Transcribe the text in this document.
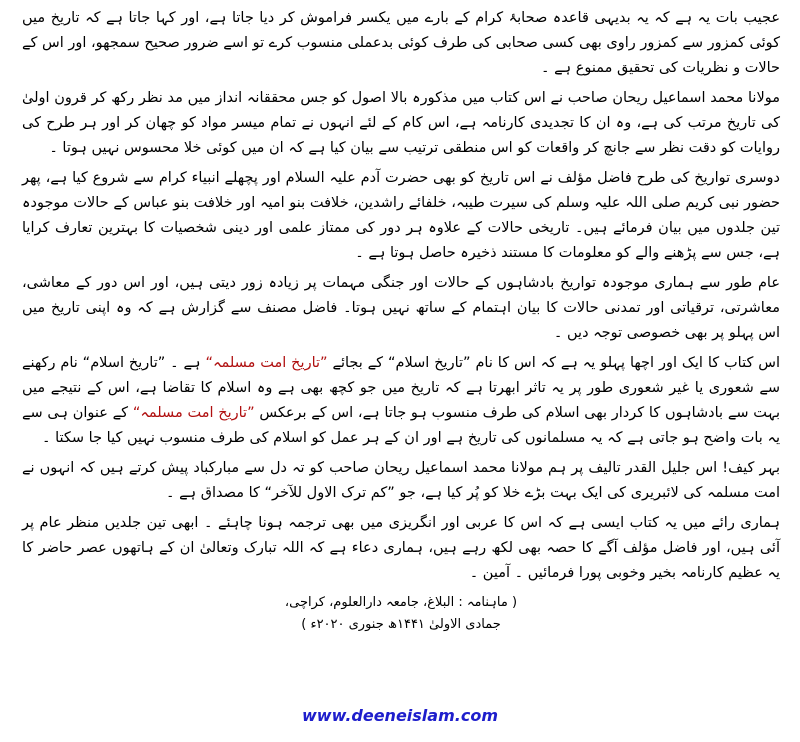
عجیب بات یہ ہے کہ یہ بدیہی قاعدہ صحابۂ کرام کے بارے میں یکسر فراموش کر دیا جاتا ہے، اور کہا جاتا ہے کہ تاریخ میں کوئی کمزور سے کمزور راوی بھی کسی صحابی کی طرف کوئی بدعملی منسوب کرے تو اسے ضرور صحیح سمجھو، اور اس کے حالات و نظریات کی تحقیق ممنوع ہے ۔

مولانا محمد اسماعیل ریحان صاحب نے اس کتاب میں مذکورہ بالا اصول کو جس محققانہ انداز میں مد نظر رکھ کر قرون اولیٰ کی تاریخ مرتب کی ہے، وہ ان کا تجدیدی کارنامہ ہے، اس کام کے لئے انہوں نے تمام میسر مواد کو چھان کر اور ہر طرح کی روایات کو دقت نظر سے جانچ کر واقعات کو اس منطقی ترتیب سے بیان کیا ہے کہ ان میں کوئی خلا محسوس نہیں ہوتا ۔

دوسری تواریخ کی طرح فاضل مؤلف نے اس تاریخ کو بھی حضرت آدم علیہ السلام اور پچھلے انبیاء کرام سے شروع کیا ہے، پھر حضور نبی کریم صلی اللہ علیہ وسلم کی سیرت طیبہ، خلفائے راشدین، خلافت بنو امیہ اور خلافت بنو عباس کے حالات موجودہ تین جلدوں میں بیان فرمائے ہیں۔ تاریخی حالات کے علاوہ ہر دور کی ممتاز علمی اور دینی شخصیات کا بہترین تعارف کرایا ہے، جس سے پڑھنے والے کو معلومات کا مستند ذخیرہ حاصل ہوتا ہے ۔

عام طور سے ہماری موجودہ تواریخ بادشاہوں کے حالات اور جنگی مہمات پر زیادہ زور دیتی ہیں، اور اس دور کے معاشی، معاشرتی، ترقیاتی اور تمدنی حالات کا بیان اہتمام کے ساتھ نہیں ہوتا۔ فاضل مصنف سے گزارش ہے کہ وہ اپنی تاریخ میں اس پہلو پر بھی خصوصی توجہ دیں ۔

اس کتاب کا ایک اور اچھا پہلو یہ ہے کہ اس کا نام ”تاریخ اسلام“ کے بجائے ”تاریخ امت مسلمہ“ ہے ۔ ”تاریخ اسلام“ نام رکھنے سے شعوری یا غیر شعوری طور پر یہ تاثر ابھرتا ہے کہ تاریخ میں جو کچھ بھی ہے وہ اسلام کا تقاضا ہے، اس کے نتیجے میں بہت سے بادشاہوں کا کردار بھی اسلام کی طرف منسوب ہو جاتا ہے، اس کے برعکس ”تاریخ امت مسلمہ“ کے عنوان ہی سے یہ بات واضح ہو جاتی ہے کہ یہ مسلمانوں کی تاریخ ہے اور ان کے ہر عمل کو اسلام کی طرف منسوب نہیں کیا جا سکتا ۔

بہر کیف! اس جلیل القدر تالیف پر ہم مولانا محمد اسماعیل ریحان صاحب کو تہ دل سے مبارکباد پیش کرتے ہیں کہ انہوں نے امت مسلمہ کی لائبریری کی ایک بہت بڑے خلا کو پُر کیا ہے، جو ”کم ترک الاول للآخر“ کا مصداق ہے ۔

ہماری رائے میں یہ کتاب ایسی ہے کہ اس کا عربی اور انگریزی میں بھی ترجمہ ہونا چاہئے ۔ ابھی تین جلدیں منظر عام پر آئی ہیں، اور فاضل مؤلف آگے کا حصہ بھی لکھ رہے ہیں، ہماری دعاء ہے کہ اللہ تبارک وتعالیٰ ان کے ہاتھوں عصر حاضر کا یہ عظیم کارنامہ بخیر وخوبی پورا فرمائیں ۔ آمین ۔

( ماہنامہ : البلاغ، جامعہ دارالعلوم، کراچی،

جمادی الاولیٰ ۱۴۴۱ھ جنوری ۲۰۲۰ء )

www.deeneislam.com
